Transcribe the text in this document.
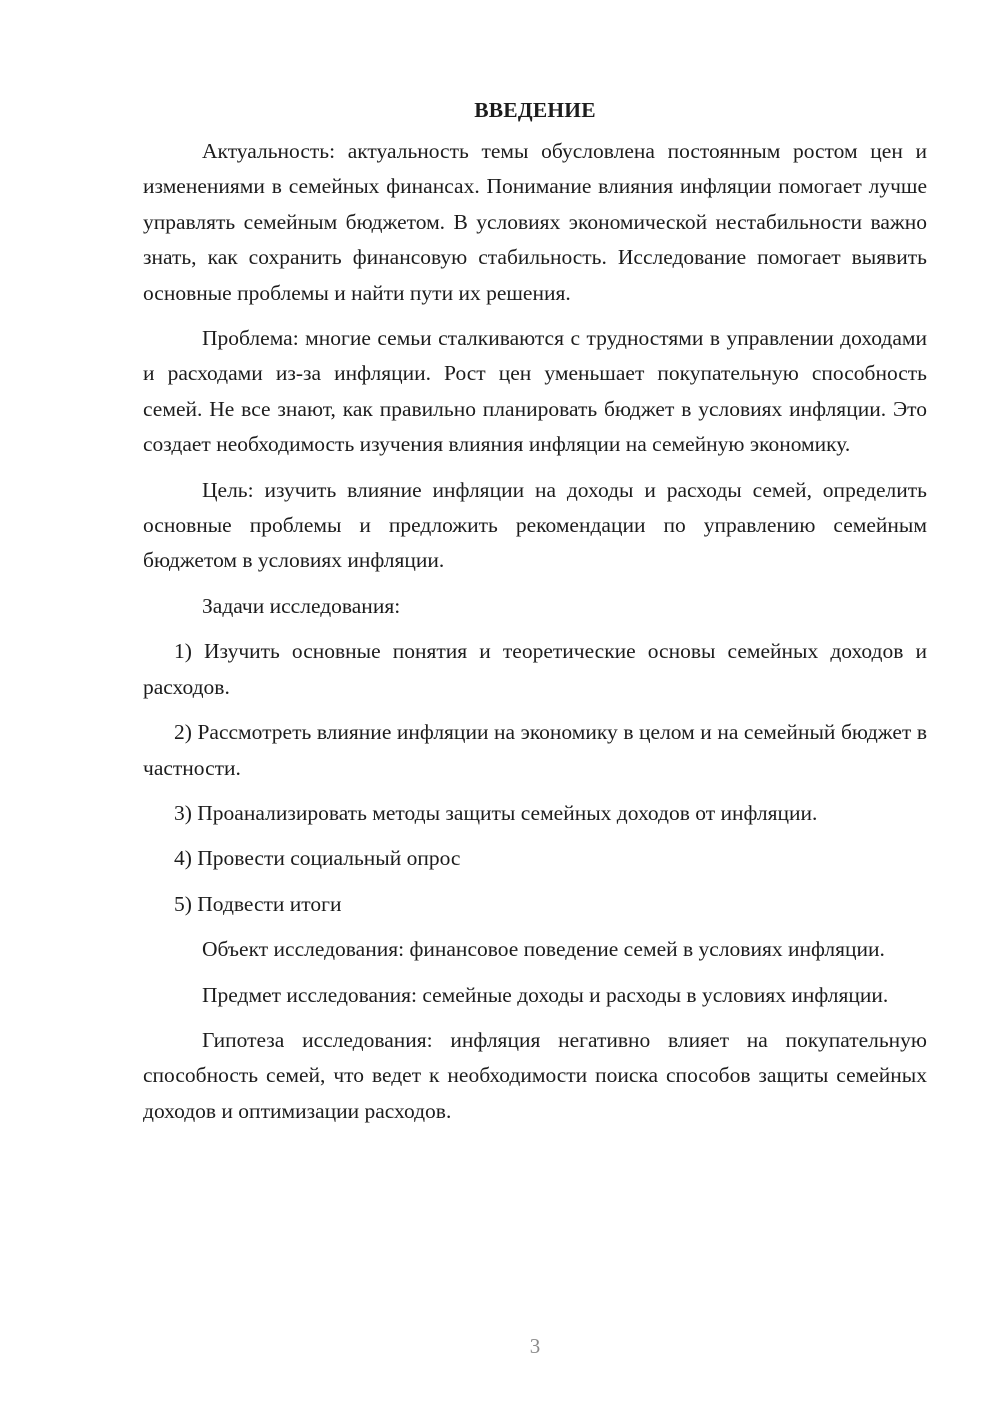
ВВЕДЕНИЕ

Актуальность: актуальность темы обусловлена постоянным ростом цен и изменениями в семейных финансах. Понимание влияния инфляции помогает лучше управлять семейным бюджетом. В условиях экономической нестабильности важно знать, как сохранить финансовую стабильность. Исследование помогает выявить основные проблемы и найти пути их решения.

Проблема: многие семьи сталкиваются с трудностями в управлении доходами и расходами из-за инфляции. Рост цен уменьшает покупательную способность семей. Не все знают, как правильно планировать бюджет в условиях инфляции. Это создает необходимость изучения влияния инфляции на семейную экономику.

Цель: изучить влияние инфляции на доходы и расходы семей, определить основные проблемы и предложить рекомендации по управлению семейным бюджетом в условиях инфляции.

Задачи исследования:

1) Изучить основные понятия и теоретические основы семейных доходов и расходов.

2) Рассмотреть влияние инфляции на экономику в целом и на семейный бюджет в частности.

3) Проанализировать методы защиты семейных доходов от инфляции.

4) Провести социальный опрос

5) Подвести итоги

Объект исследования: финансовое поведение семей в условиях инфляции.

Предмет исследования: семейные доходы и расходы в условиях инфляции.

Гипотеза исследования: инфляция негативно влияет на покупательную способность семей, что ведет к необходимости поиска способов защиты семейных доходов и оптимизации расходов.

3
